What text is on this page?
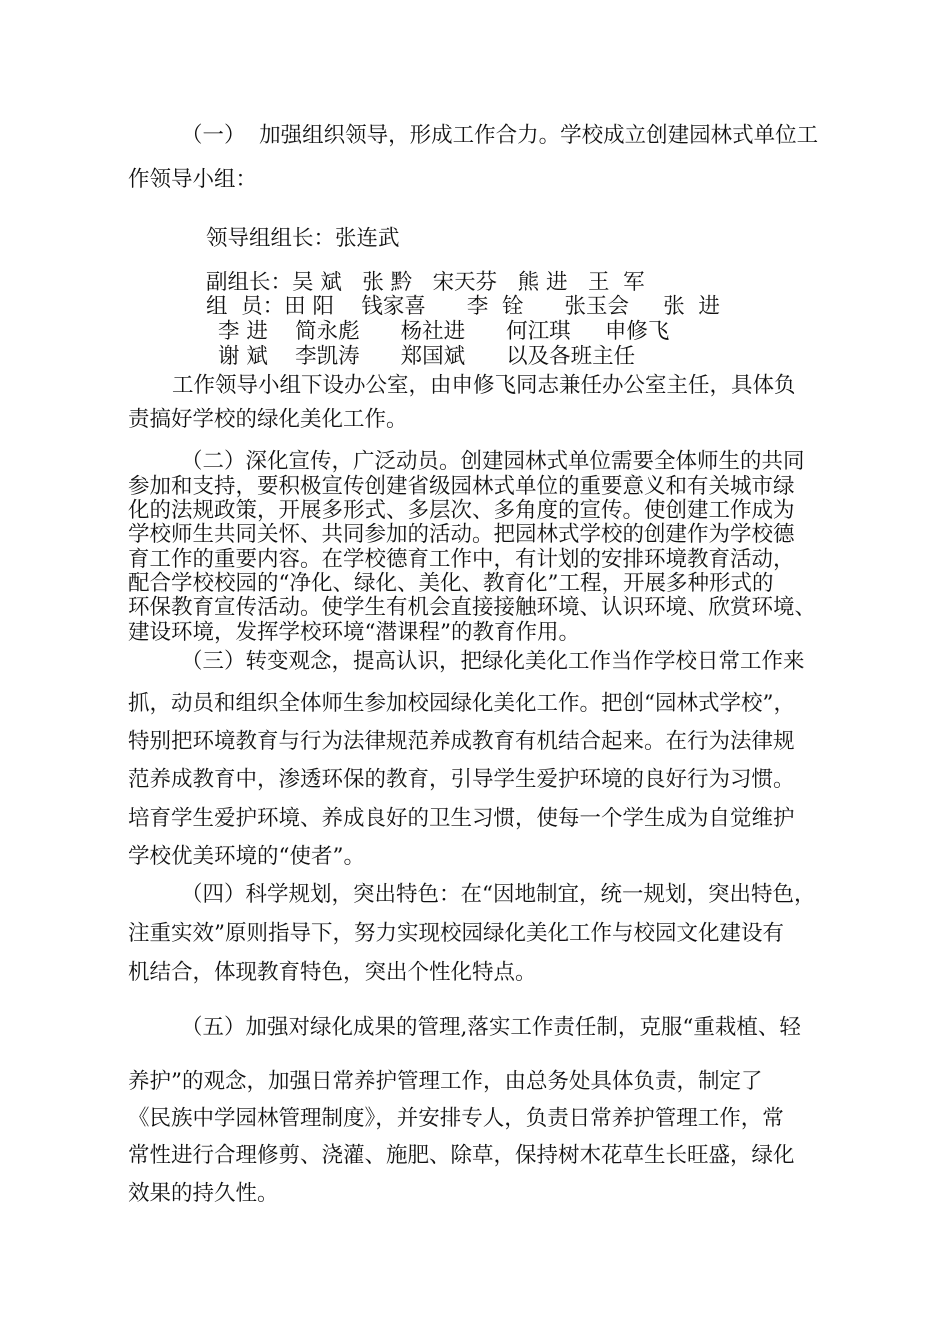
（一）  加强组织领导，形成工作合力。学校成立创建园林式单位工
作领导小组：
领导组组长：张连武
副组长：吴 斌   张 黔   宋天芬   熊 进   王  军
组  员：田 阳    钱家喜      李  铨      张玉会     张  进
李 进    简永彪      杨社进      何江琪     申修飞
谢 斌    李凯涛      郑国斌      以及各班主任
工作领导小组下设办公室，由申修飞同志兼任办公室主任，具体负
责搞好学校的绿化美化工作。
（二）深化宣传，广泛动员。创建园林式单位需要全体师生的共同
参加和支持，要积极宣传创建省级园林式单位的重要意义和有关城市绿
化的法规政策，开展多形式、多层次、多角度的宣传。使创建工作成为
学校师生共同关怀、共同参加的活动。把园林式学校的创建作为学校德
育工作的重要内容。在学校德育工作中，有计划的安排环境教育活动，
配合学校校园的“净化、绿化、美化、教育化”工程，开展多种形式的
环保教育宣传活动。使学生有机会直接接触环境、认识环境、欣赏环境、
建设环境，发挥学校环境“潜课程”的教育作用。
（三）转变观念，提高认识，把绿化美化工作当作学校日常工作来
抓，动员和组织全体师生参加校园绿化美化工作。把创“园林式学校”，
特别把环境教育与行为法律规范养成教育有机结合起来。在行为法律规
范养成教育中，渗透环保的教育，引导学生爱护环境的良好行为习惯。
培育学生爱护环境、养成良好的卫生习惯，使每一个学生成为自觉维护
学校优美环境的“使者”。
（四）科学规划，突出特色：在“因地制宜，统一规划，突出特色，
注重实效”原则指导下，努力实现校园绿化美化工作与校园文化建设有
机结合，体现教育特色，突出个性化特点。
（五）加强对绿化成果的管理,落实工作责任制，克服“重栽植、轻
养护”的观念，加强日常养护管理工作，由总务处具体负责，制定了
《民族中学园林管理制度》，并安排专人，负责日常养护管理工作，常
常性进行合理修剪、浇灌、施肥、除草，保持树木花草生长旺盛，绿化
效果的持久性。
